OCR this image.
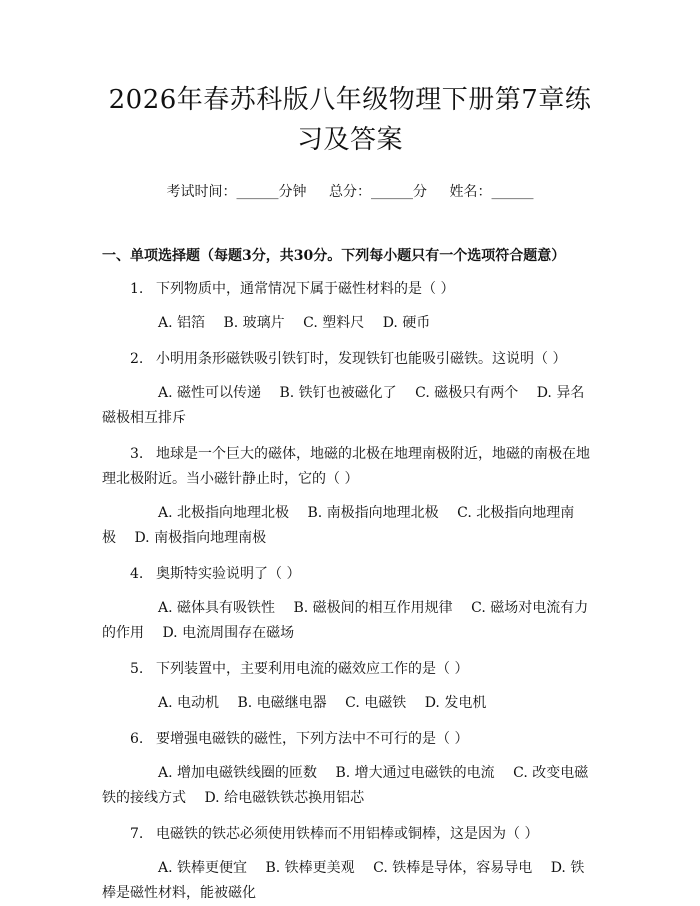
2026年春苏科版八年级物理下册第7章练习及答案
考试时间：______分钟 总分：______分 姓名：______
一、单项选择题（每题3分，共30分。下列每小题只有一个选项符合题意）
1. 下列物质中，通常情况下属于磁性材料的是（ ）
A. 铝箔 B. 玻璃片 C. 塑料尺 D. 硬币
2. 小明用条形磁铁吸引铁钉时，发现铁钉也能吸引磁铁。这说明（ ）
A. 磁性可以传递 B. 铁钉也被磁化了 C. 磁极只有两个 D. 异名磁极相互排斥
3. 地球是一个巨大的磁体，地磁的北极在地理南极附近，地磁的南极在地理北极附近。当小磁针静止时，它的（ ）
A. 北极指向地理北极 B. 南极指向地理北极 C. 北极指向地理南极 D. 南极指向地理南极
4. 奥斯特实验说明了（ ）
A. 磁体具有吸铁性 B. 磁极间的相互作用规律 C. 磁场对电流有力的作用 D. 电流周围存在磁场
5. 下列装置中，主要利用电流的磁效应工作的是（ ）
A. 电动机 B. 电磁继电器 C. 电磁铁 D. 发电机
6. 要增强电磁铁的磁性，下列方法中不可行的是（ ）
A. 增加电磁铁线圈的匝数 B. 增大通过电磁铁的电流 C. 改变电磁铁的接线方式 D. 给电磁铁铁芯换用铝芯
7. 电磁铁的铁芯必须使用铁棒而不用铝棒或铜棒，这是因为（ ）
A. 铁棒更便宜 B. 铁棒更美观 C. 铁棒是导体，容易导电 D. 铁棒是磁性材料，能被磁化
